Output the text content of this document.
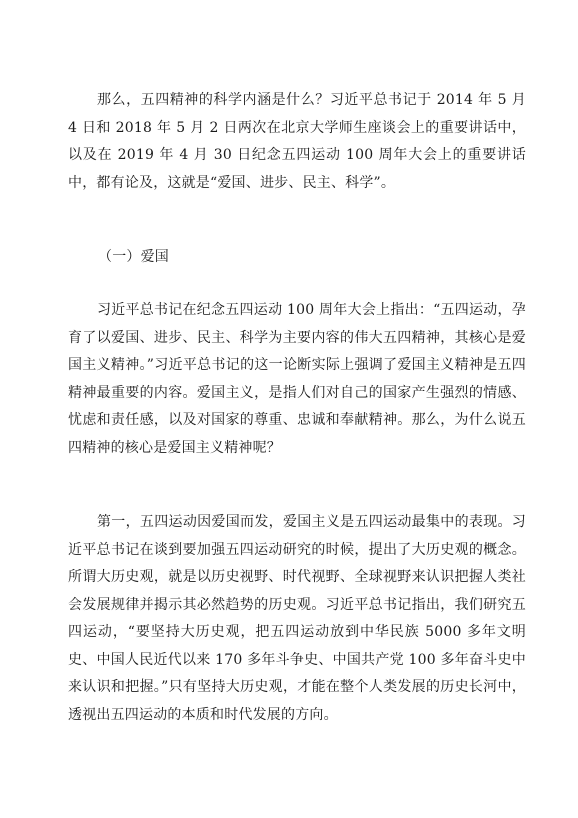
那么，五四精神的科学内涵是什么？习近平总书记于 2014 年 5 月 4 日和 2018 年 5 月 2 日两次在北京大学师生座谈会上的重要讲话中，以及在 2019 年 4 月 30 日纪念五四运动 100 周年大会上的重要讲话中，都有论及，这就是“爱国、进步、民主、科学”。

（一）爱国

习近平总书记在纪念五四运动 100 周年大会上指出：“五四运动，孕育了以爱国、进步、民主、科学为主要内容的伟大五四精神，其核心是爱国主义精神。”习近平总书记的这一论断实际上强调了爱国主义精神是五四精神最重要的内容。爱国主义，是指人们对自己的国家产生强烈的情感、忧虑和责任感，以及对国家的尊重、忠诚和奉献精神。那么，为什么说五四精神的核心是爱国主义精神呢？

第一，五四运动因爱国而发，爱国主义是五四运动最集中的表现。习近平总书记在谈到要加强五四运动研究的时候，提出了大历史观的概念。所谓大历史观，就是以历史视野、时代视野、全球视野来认识把握人类社会发展规律并揭示其必然趋势的历史观。习近平总书记指出，我们研究五四运动，“要坚持大历史观，把五四运动放到中华民族 5000 多年文明史、中国人民近代以来 170 多年斗争史、中国共产党 100 多年奋斗史中来认识和把握。”只有坚持大历史观，才能在整个人类发展的历史长河中，透视出五四运动的本质和时代发展的方向。
